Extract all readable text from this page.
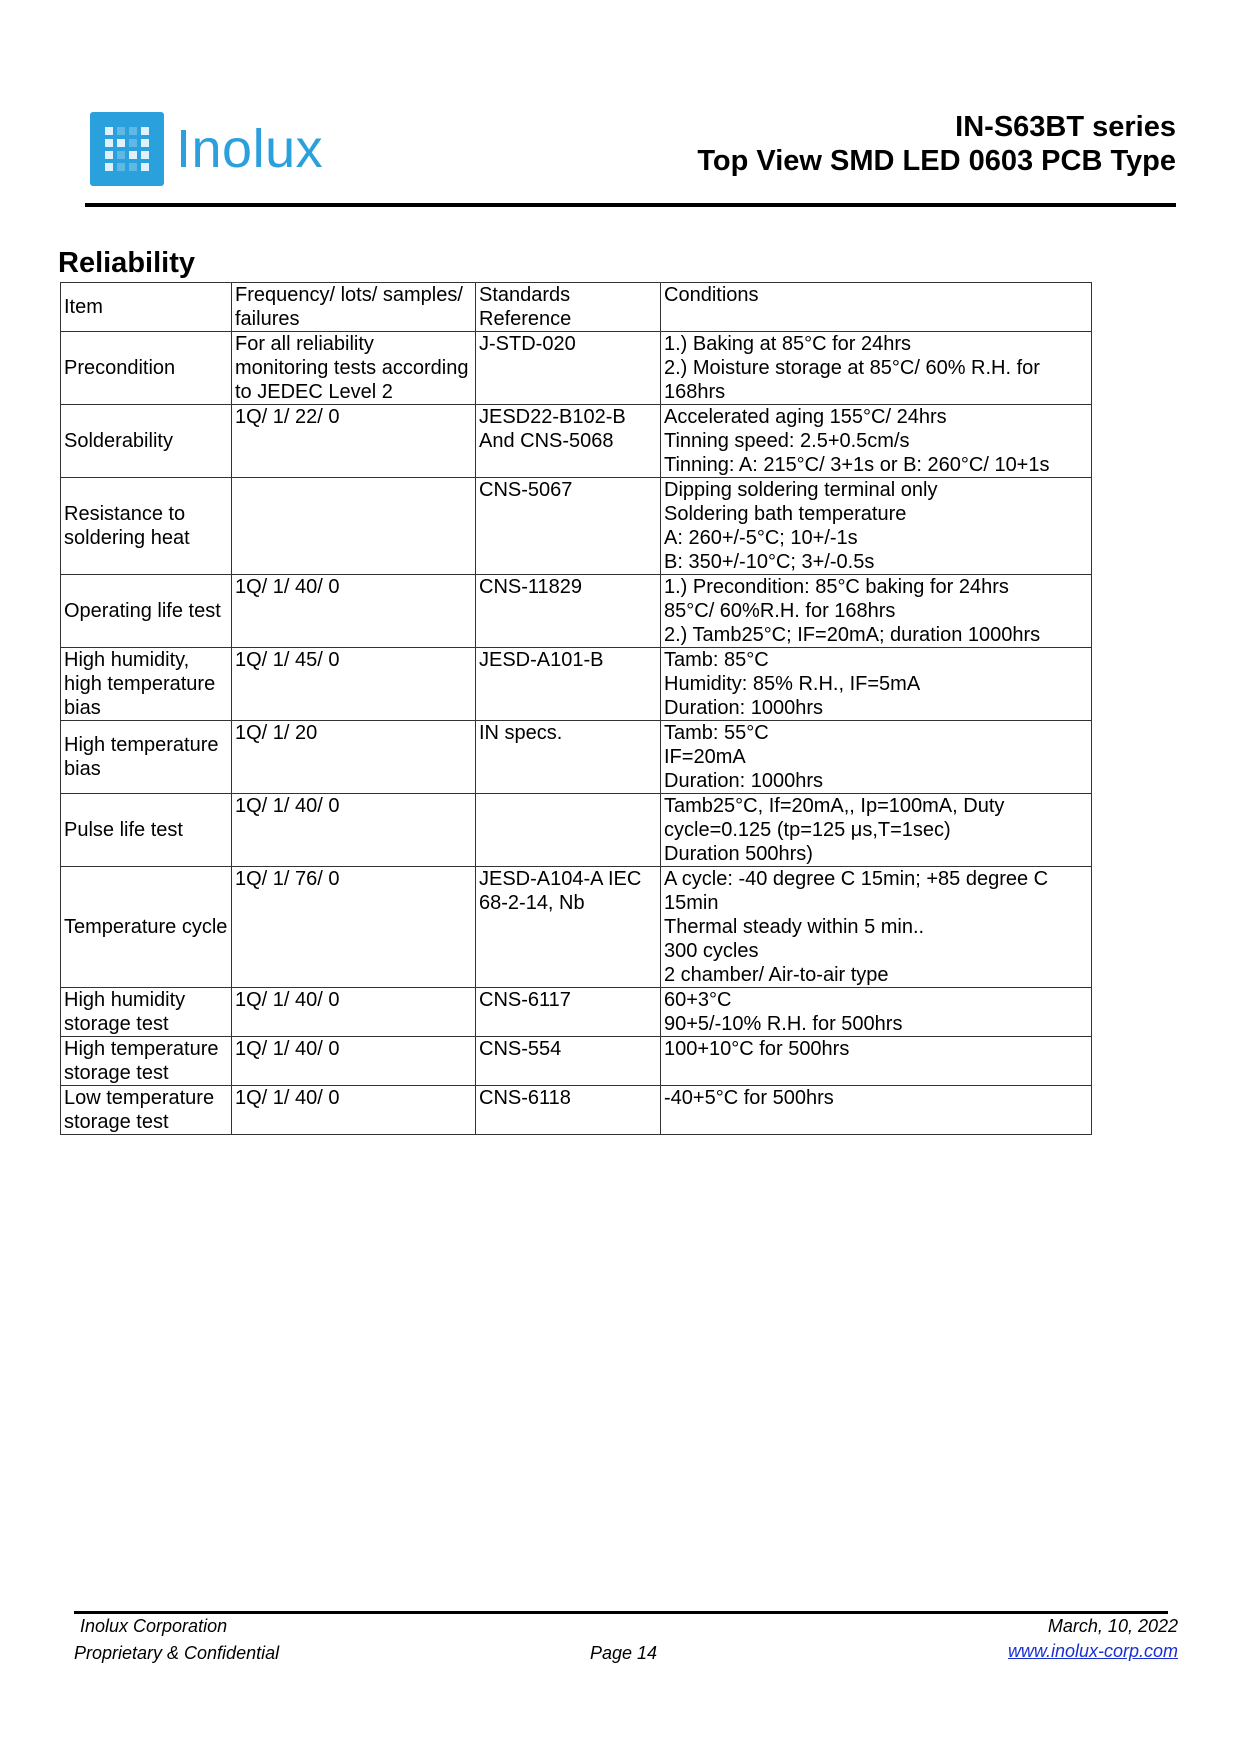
Inolux	IN-S63BT series
Top View SMD LED 0603 PCB Type
Reliability
Item	Frequency/ lots/ samples/ failures	Standards Reference	Conditions
Precondition	For all reliability monitoring tests according to JEDEC Level 2	J-STD-020	1.) Baking at 85°C for 24hrs
2.) Moisture storage at 85°C/ 60% R.H. for 168hrs

Solderability	1Q/ 1/ 22/ 0	JESD22-B102-B And CNS-5068	Accelerated aging 155°C/ 24hrs
Tinning speed: 2.5+0.5cm/s
Tinning: A: 215°C/ 3+1s or B: 260°C/ 10+1s

Resistance to soldering heat		CNS-5067	Dipping soldering terminal only
Soldering bath temperature
A: 260+/-5°C; 10+/-1s
B: 350+/-10°C; 3+/-0.5s

Operating life test	1Q/ 1/ 40/ 0	CNS-11829	1.) Precondition: 85°C baking for 24hrs
85°C/ 60%R.H. for 168hrs
2.) Tamb25°C; IF=20mA; duration 1000hrs

High humidity, high temperature bias	1Q/ 1/ 45/ 0	JESD-A101-B	Tamb: 85°C
Humidity: 85% R.H., IF=5mA
Duration: 1000hrs

High temperature bias	1Q/ 1/ 20	IN specs.	Tamb: 55°C
IF=20mA
Duration: 1000hrs

Pulse life test	1Q/ 1/ 40/ 0		Tamb25°C, If=20mA,, Ip=100mA, Duty cycle=0.125 (tp=125 μs,T=1sec)
Duration 500hrs)

Temperature cycle	1Q/ 1/ 76/ 0	JESD-A104-A IEC 68-2-14, Nb	A cycle: -40 degree C 15min; +85 degree C 15min
Thermal steady within 5 min..
300 cycles
2 chamber/ Air-to-air type

High humidity storage test	1Q/ 1/ 40/ 0	CNS-6117	60+3°C
90+5/-10% R.H. for 500hrs

High temperature storage test	1Q/ 1/ 40/ 0	CNS-554	100+10°C for 500hrs

Low temperature storage test	1Q/ 1/ 40/ 0	CNS-6118	-40+5°C for 500hrs
Inolux Corporation
Proprietary & Confidential	Page 14
March, 10, 2022
www.inolux-corp.com
